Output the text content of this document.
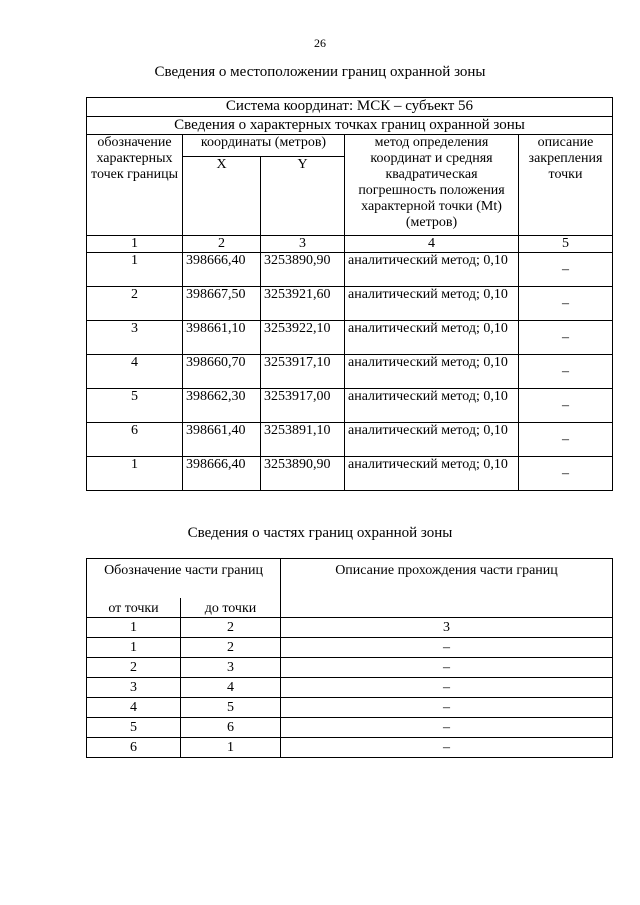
26
Сведения о местоположении границ охранной зоны
Система координат: МСК – субъект 56				
Сведения о характерных точках границ охранной зоны				
обозначение характерных точек границы	координаты (метров)		метод определения координат и средняя квадратическая погрешность положения характерной точки (Mt) (метров)	описание закрепления точки
	X	Y		
1	2	3	4	5
1	398666,40	3253890,90	аналитический метод; 0,10	–
2	398667,50	3253921,60	аналитический метод; 0,10	–
3	398661,10	3253922,10	аналитический метод; 0,10	–
4	398660,70	3253917,10	аналитический метод; 0,10	–
5	398662,30	3253917,00	аналитический метод; 0,10	–
6	398661,40	3253891,10	аналитический метод; 0,10	–
1	398666,40	3253890,90	аналитический метод; 0,10	–
Сведения о частях границ охранной зоны
Обозначение части границ		Описание прохождения части границ
от точки	до точки	
1	2	3
1	2	–
2	3	–
3	4	–
4	5	–
5	6	–
6	1	–
